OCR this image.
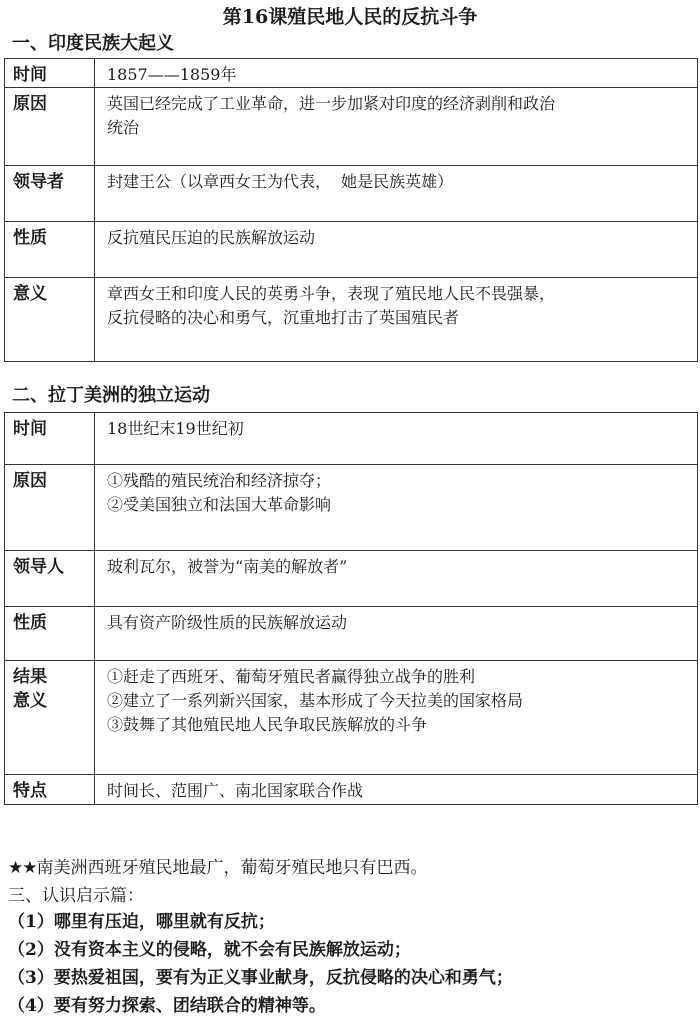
第16课殖民地人民的反抗斗争
一、印度民族大起义
时间	1857——1859年

原因	英国已经完成了工业革命，进一步加紧对印度的经济剥削和政治
统治

领导者	封建王公（以章西女王为代表，  她是民族英雄）

性质	反抗殖民压迫的民族解放运动

意义	章西女王和印度人民的英勇斗争，表现了殖民地人民不畏强暴，
反抗侵略的决心和勇气，沉重地打击了英国殖民者
二、拉丁美洲的独立运动
时间	18世纪末19世纪初

原因	①残酷的殖民统治和经济掠夺；
②受美国独立和法国大革命影响

领导人	玻利瓦尔，被誉为“南美的解放者”

性质	具有资产阶级性质的民族解放运动

结果
意义	①赶走了西班牙、葡萄牙殖民者赢得独立战争的胜利
②建立了一系列新兴国家，基本形成了今天拉美的国家格局
③鼓舞了其他殖民地人民争取民族解放的斗争

特点	时间长、范围广、南北国家联合作战
★★南美洲西班牙殖民地最广，葡萄牙殖民地只有巴西。
三、认识启示篇：
（1）哪里有压迫，哪里就有反抗；
（2）没有资本主义的侵略，就不会有民族解放运动；
（3）要热爱祖国，要有为正义事业献身，反抗侵略的决心和勇气；
（4）要有努力探索、团结联合的精神等。
